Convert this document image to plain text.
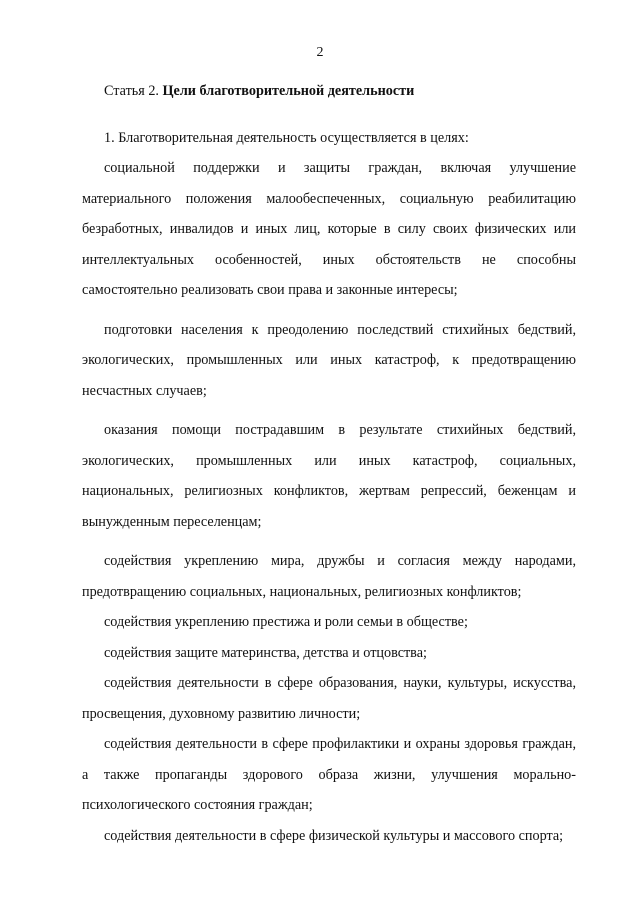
2

Статья 2. Цели благотворительной деятельности

1. Благотворительная деятельность осуществляется в целях:

социальной поддержки и защиты граждан, включая улучшение материального положения малообеспеченных, социальную реабилитацию безработных, инвалидов и иных лиц, которые в силу своих физических или интеллектуальных особенностей, иных обстоятельств не способны самостоятельно реализовать свои права и законные интересы;

подготовки населения к преодолению последствий стихийных бедствий, экологических, промышленных или иных катастроф, к предотвращению несчастных случаев;

оказания помощи пострадавшим в результате стихийных бедствий, экологических, промышленных или иных катастроф, социальных, национальных, религиозных конфликтов, жертвам репрессий, беженцам и вынужденным переселенцам;

содействия укреплению мира, дружбы и согласия между народами, предотвращению социальных, национальных, религиозных конфликтов;

содействия укреплению престижа и роли семьи в обществе;

содействия защите материнства, детства и отцовства;

содействия деятельности в сфере образования, науки, культуры, искусства, просвещения, духовному развитию личности;

содействия деятельности в сфере профилактики и охраны здоровья граждан, а также пропаганды здорового образа жизни, улучшения морально-психологического состояния граждан;

содействия деятельности в сфере физической культуры и массового спорта;
